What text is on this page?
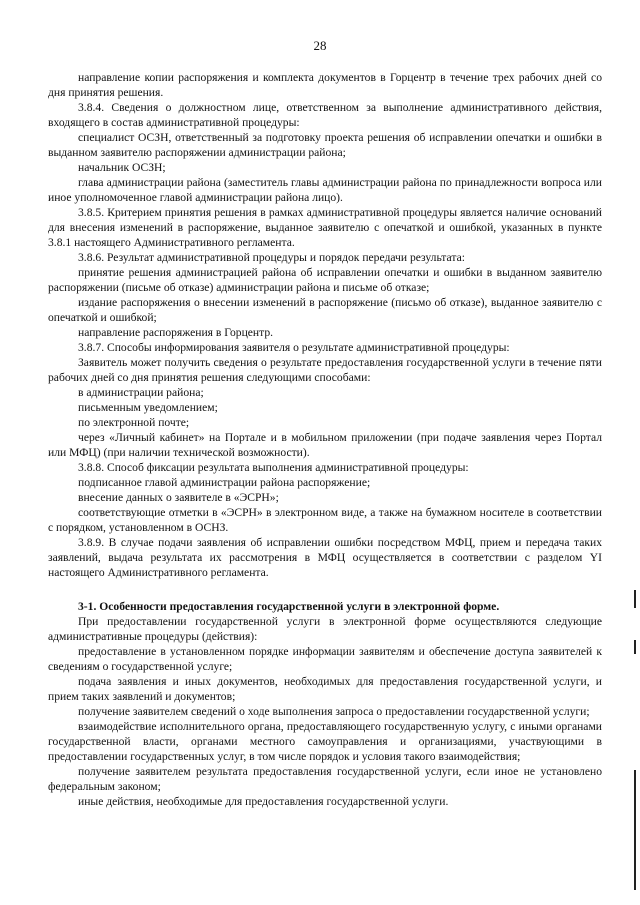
28

направление копии распоряжения и комплекта документов в Горцентр в течение трех рабочих дней со дня принятия решения.

3.8.4. Сведения о должностном лице, ответственном за выполнение административного действия, входящего в состав административной процедуры:

специалист ОСЗН, ответственный за подготовку проекта решения об исправлении опечатки и ошибки в выданном заявителю распоряжении администрации района;

начальник ОСЗН;

глава администрации района (заместитель главы администрации района по принадлежности вопроса или иное уполномоченное главой администрации района лицо).

3.8.5. Критерием принятия решения в рамках административной процедуры является наличие оснований для внесения изменений в распоряжение, выданное заявителю с опечаткой и ошибкой, указанных в пункте 3.8.1 настоящего Административного регламента.

3.8.6. Результат административной процедуры и порядок передачи результата:

принятие решения администрацией района об исправлении опечатки и ошибки в выданном заявителю распоряжении (письме об отказе) администрации района и письме об отказе;

издание распоряжения о внесении изменений в распоряжение (письмо об отказе), выданное заявителю с опечаткой и ошибкой;

направление распоряжения в Горцентр.

3.8.7. Способы информирования заявителя о результате административной процедуры:

Заявитель может получить сведения о результате предоставления государственной услуги в течение пяти рабочих дней со дня принятия решения следующими способами:

в администрации района;

письменным уведомлением;

по электронной почте;

через «Личный кабинет» на Портале и в мобильном приложении (при подаче заявления через Портал или МФЦ) (при наличии технической возможности).

3.8.8. Способ фиксации результата выполнения административной процедуры:

подписанное главой администрации района распоряжение;

внесение данных о заявителе в «ЭСРН»;

соответствующие отметки в «ЭСРН» в электронном виде, а также на бумажном носителе в соответствии с порядком, установленном в ОСНЗ.

3.8.9. В случае подачи заявления об исправлении ошибки посредством МФЦ, прием и передача таких заявлений, выдача результата их рассмотрения в МФЦ осуществляется в соответствии с разделом YI настоящего Административного регламента.

3-1. Особенности предоставления государственной услуги в электронной форме.

При предоставлении государственной услуги в электронной форме осуществляются следующие административные процедуры (действия):

предоставление в установленном порядке информации заявителям и обеспечение доступа заявителей к сведениям о государственной услуге;

подача заявления и иных документов, необходимых для предоставления государственной услуги, и прием таких заявлений и документов;

получение заявителем сведений о ходе выполнения запроса о предоставлении государственной услуги;

взаимодействие исполнительного органа, предоставляющего государственную услугу, с иными органами государственной власти, органами местного самоуправления и организациями, участвующими в предоставлении государственных услуг, в том числе порядок и условия такого взаимодействия;

получение заявителем результата предоставления государственной услуги, если иное не установлено федеральным законом;

иные действия, необходимые для предоставления государственной услуги.
